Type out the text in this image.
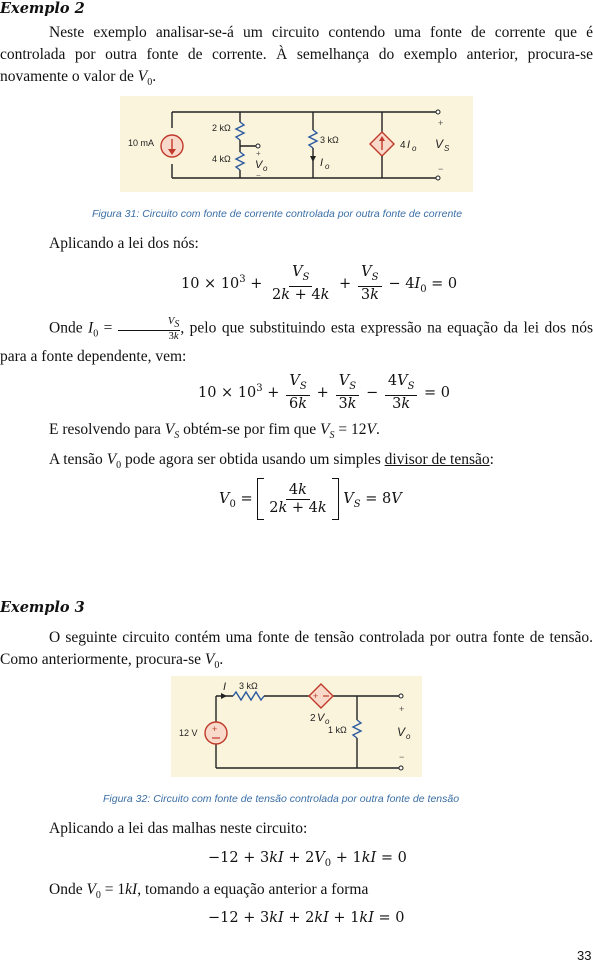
Exemplo 2
Neste exemplo analisar-se-á um circuito contendo uma fonte de corrente que é controlada por outra fonte de corrente. À semelhança do exemplo anterior, procura-se novamente o valor de $V_0$.
10 mA
2 kΩ
4 kΩ
+
V o
−
3 kΩ
I o
4 I o
+
V S
−
Figura 31: Circuito com fonte de corrente controlada por outra fonte de corrente
Aplicando a lei dos nós:
$10 \times 10^3 + \frac{V_S}{2k + 4k} + \frac{V_S}{3k} - 4I_0 = 0$
Onde $I_0 = \frac{V_S}{3k}$ , pelo que substituindo esta expressão na equação da lei dos nós para a fonte dependente, vem:
$10 \times 10^3 + \frac{V_S}{6k} + \frac{V_S}{3k} - \frac{4V_S}{3k} = 0$
E resolvendo para $V_S$ obtém-se por fim que $V_S = 12V$.
A tensão $V_0$ pode agora ser obtida usando um simples divisor de tensão:
$V_0 = \frac{4k}{2k + 4k} V_S = 8V$
Exemplo 3
O seguinte circuito contém uma fonte de tensão controlada por outra fonte de tensão. Como anteriormente, procura-se $V_0$.
I 3 kΩ
+
12 V
+
2 V o
1 kΩ
+
V o
−
Figura 32: Circuito com fonte de tensão controlada por outra fonte de tensão
Aplicando a lei das malhas neste circuito:
$-12 + 3kI + 2V_0 + 1kI = 0$
Onde $V_0 = 1kI$, tomando a equação anterior a forma
−12 + 3kI + 2kI + 1kI = 0
33
